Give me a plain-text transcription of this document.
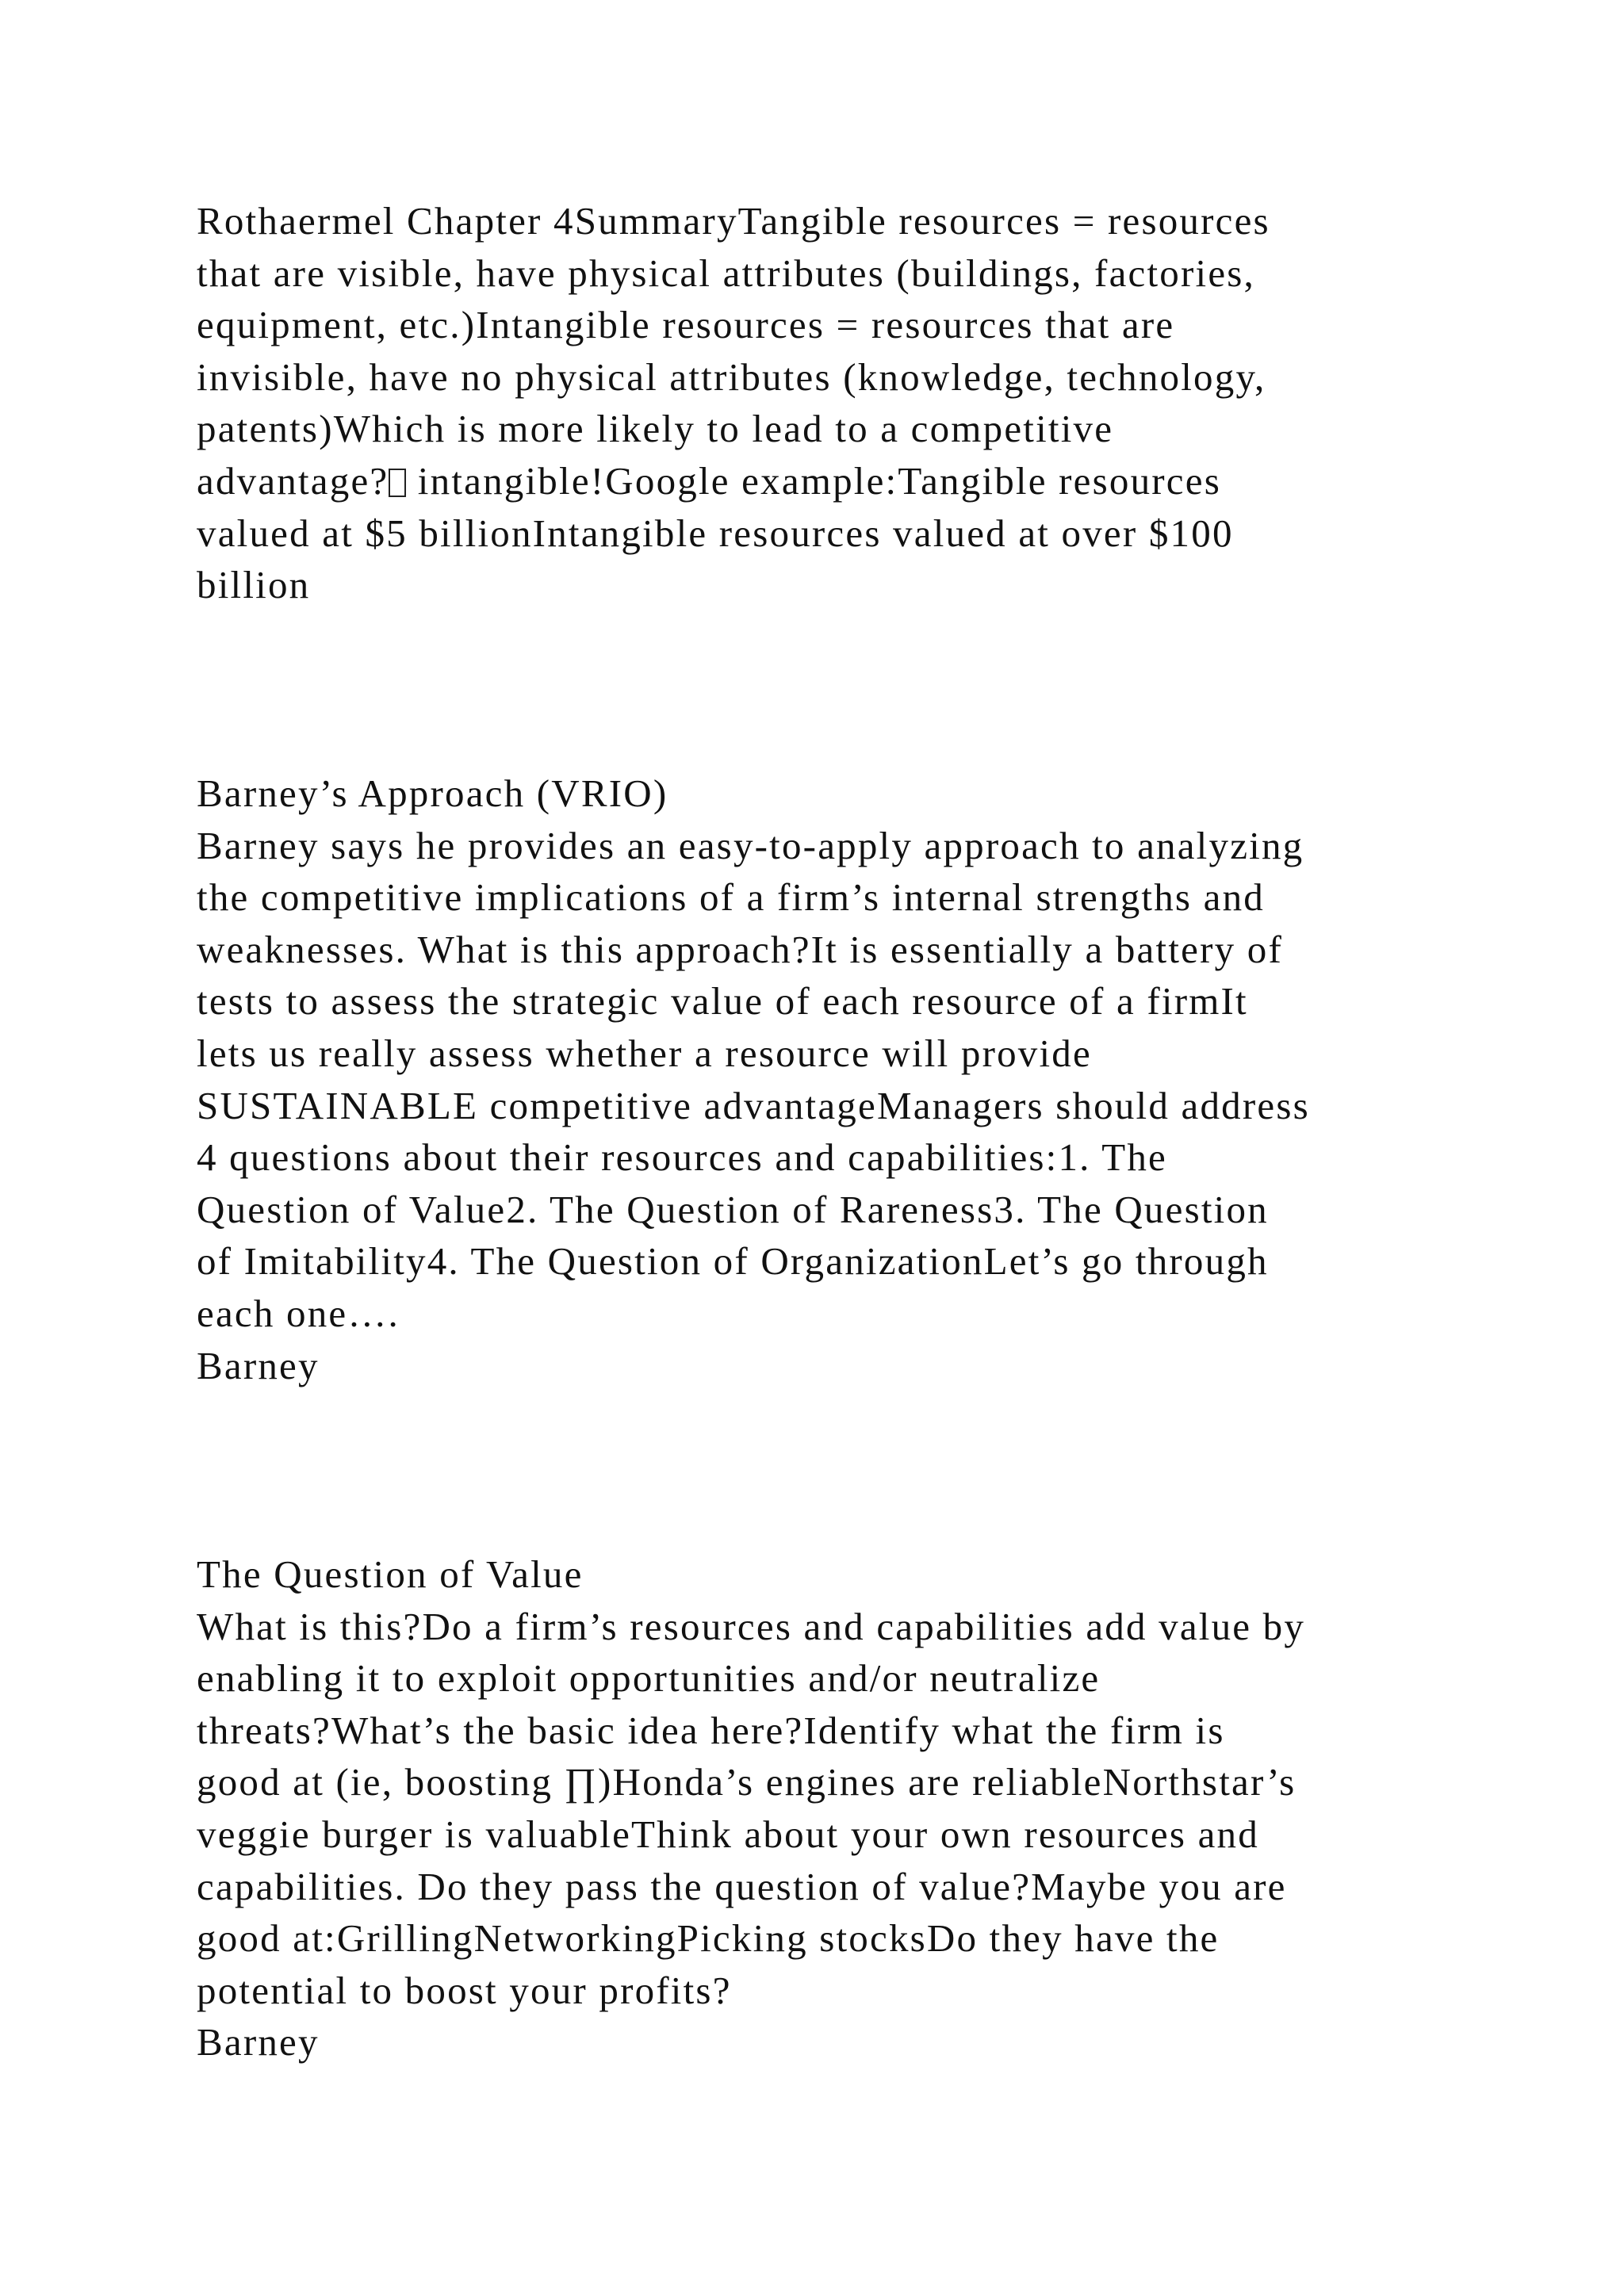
Rothaermel Chapter 4SummaryTangible resources = resources
that are visible, have physical attributes (buildings, factories,
equipment, etc.)Intangible resources = resources that are
invisible, have no physical attributes (knowledge, technology,
patents)Which is more likely to lead to a competitive
advantage? intangible!Google example:Tangible resources
valued at $5 billionIntangible resources valued at over $100
billion
Barney’s Approach (VRIO)
Barney says he provides an easy-to-apply approach to analyzing
the competitive implications of a firm’s internal strengths and
weaknesses. What is this approach?It is essentially a battery of
tests to assess the strategic value of each resource of a firmIt
lets us really assess whether a resource will provide
SUSTAINABLE competitive advantageManagers should address
4 questions about their resources and capabilities:1. The
Question of Value2. The Question of Rareness3. The Question
of Imitability4. The Question of OrganizationLet’s go through
each one….
Barney
The Question of Value
What is this?Do a firm’s resources and capabilities add value by
enabling it to exploit opportunities and/or neutralize
threats?What’s the basic idea here?Identify what the firm is
good at (ie, boosting ∏)Honda’s engines are reliableNorthstar’s
veggie burger is valuableThink about your own resources and
capabilities. Do they pass the question of value?Maybe you are
good at:GrillingNetworkingPicking stocksDo they have the
potential to boost your profits?
Barney
